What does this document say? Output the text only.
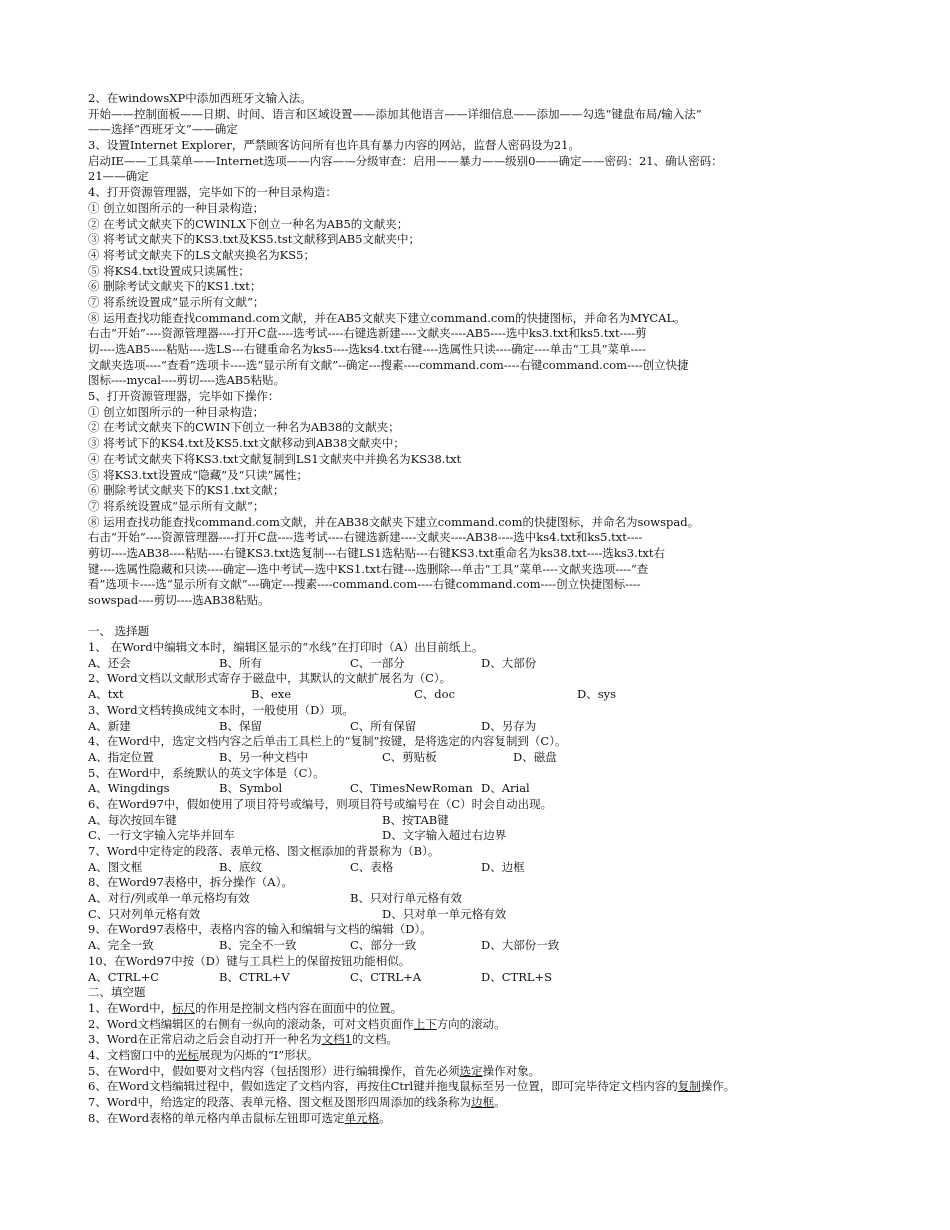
2、在windowsXP中添加西班牙文输入法。
开始——控制面板——日期、时间、语言和区域设置——添加其他语言——详细信息——添加——勾选“键盘布局/输入法”
——选择“西班牙文”——确定
3、设置Internet Explorer，严禁顾客访问所有也许具有暴力内容的网站，监督人密码设为21。
启动IE——工具菜单——Internet选项——内容——分级审查：启用——暴力——级别0——确定——密码：21、确认密码：
21——确定
4、打开资源管理器，完毕如下的一种目录构造：
① 创立如图所示的一种目录构造；
② 在考试文献夹下的CWINLX下创立一种名为AB5的文献夹；
③ 将考试文献夹下的KS3.txt及KS5.tst文献移到AB5文献夹中；
④ 将考试文献夹下的LS文献夹换名为KS5；
⑤ 将KS4.txt设置成只读属性；
⑥ 删除考试文献夹下的KS1.txt；
⑦ 将系统设置成“显示所有文献”；
⑧ 运用查找功能查找command.com文献，并在AB5文献夹下建立command.com的快捷图标，并命名为MYCAL。
右击“开始”----资源管理器----打开C盘----选考试----右键选新建----文献夹----AB5----选中ks3.txt和ks5.txt----剪
切----选AB5----粘贴----选LS---右键重命名为ks5----选ks4.txt右键----选属性只读----确定----单击“工具”菜单----
文献夹选项----“查看”选项卡----选“显示所有文献”--确定---搜素----command.com----右键command.com----创立快捷
图标----mycal----剪切----选AB5粘贴。
5、打开资源管理器，完毕如下操作：
① 创立如图所示的一种目录构造；
② 在考试文献夹下的CWIN下创立一种名为AB38的文献夹；
③ 将考试下的KS4.txt及KS5.txt文献移动到AB38文献夹中；
④ 在考试文献夹下将KS3.txt文献复制到LS1文献夹中并换名为KS38.txt
⑤ 将KS3.txt设置成“隐藏”及“只读”属性；
⑥ 删除考试文献夹下的KS1.txt文献；
⑦ 将系统设置成“显示所有文献”；
⑧ 运用查找功能查找command.com文献，并在AB38文献夹下建立command.com的快捷图标，并命名为sowspad。
右击“开始”----资源管理器----打开C盘----选考试----右键选新建----文献夹----AB38----选中ks4.txt和ks5.txt----
剪切----选AB38----粘贴----右键KS3.txt选复制---右键LS1选粘贴---右键KS3.txt重命名为ks38.txt----选ks3.txt右
键----选属性隐藏和只读----确定—选中考试—选中KS1.txt右键---选删除---单击“工具”菜单----文献夹选项----“查
看”选项卡----选“显示所有文献”---确定---搜素----command.com----右键command.com----创立快捷图标----
sowspad----剪切----选AB38粘贴。
一、 选择题
1、 在Word中编辑文本时，编辑区显示的“水线”在打印时（A）出目前纸上。
A、还会	B、所有	C、一部分	D、大部份
2、Word文档以文献形式寄存于磁盘中，其默认的文献扩展名为（C）。
A、txt	B、exe	C、doc	D、sys
3、Word文档转换成纯文本时，一般使用（D）项。
A、新建	B、保留	C、所有保留	D、另存为
4、在Word中，选定文档内容之后单击工具栏上的“复制”按键，是将选定的内容复制到（C）。
A、指定位置	B、另一种文档中	C、剪贴板	D、磁盘
5、在Word中，系统默认的英文字体是（C）。
A、Wingdings	B、Symbol	C、TimesNewRoman D、Arial
6、在Word97中，假如使用了项目符号或编号，则项目符号或编号在（C）时会自动出现。
A、每次按回车键	B、按TAB键
C、一行文字输入完毕并回车	D、文字输入超过右边界
7、Word中定待定的段落、表单元格、图文框添加的背景称为（B）。
A、图文框	B、底纹	C、表格	D、边框
8、在Word97表格中，拆分操作（A）。
A、对行/列或单一单元格均有效	B、只对行单元格有效
C、只对列单元格有效	D、只对单一单元格有效
9、在Word97表格中，表格内容的输入和编辑与文档的编辑（D）。
A、完全一致	B、完全不一致	C、部分一致	D、大部份一致
10、在Word97中按（D）键与工具栏上的保留按钮功能相似。
A、CTRL+C	B、CTRL+V	C、CTRL+A	D、CTRL+S
二、填空题
1、在Word中，标尺的作用是控制文档内容在面面中的位置。
2、Word文档编辑区的右侧有一纵向的滚动条，可对文档页面作上下方向的滚动。
3、Word在正常启动之后会自动打开一种名为文档1的文档。
4、文档窗口中的光标展现为闪烁的“I”形状。
5、在Word中，假如要对文档内容（包括图形）进行编辑操作，首先必须选定操作对象。
6、在Word文档编辑过程中，假如选定了文档内容，再按住Ctrl键并拖曳鼠标至另一位置，即可完毕待定文档内容的复制操作。
7、Word中，给选定的段落、表单元格、图文框及图形四周添加的线条称为边框。
8、在Word表格的单元格内单击鼠标左钮即可选定单元格。
